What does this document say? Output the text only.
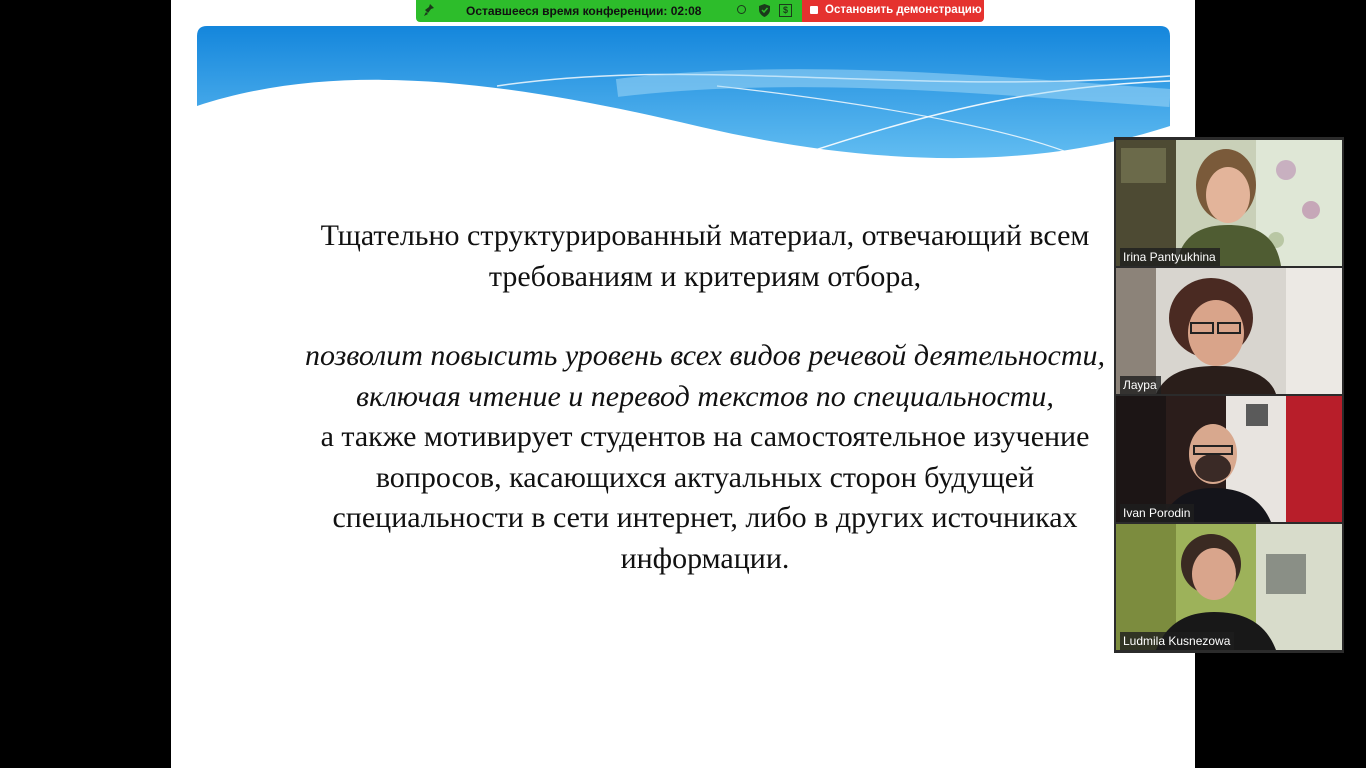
Тщательно структурированный материал, отвечающий всем

требованиям и критериям отбора,

позволит повысить уровень всех видов речевой деятельности,

включая чтение и перевод текстов по специальности,

а также мотивирует студентов на самостоятельное изучение

вопросов, касающихся актуальных сторон будущей

специальности в сети интернет, либо в других источниках

информации.

Оставшееся время конференции: 02:08	$	Остановить демонстрацию
Irina Pantyukhina
Лаура
Ivan Porodin
Ludmila Kusnezowa
